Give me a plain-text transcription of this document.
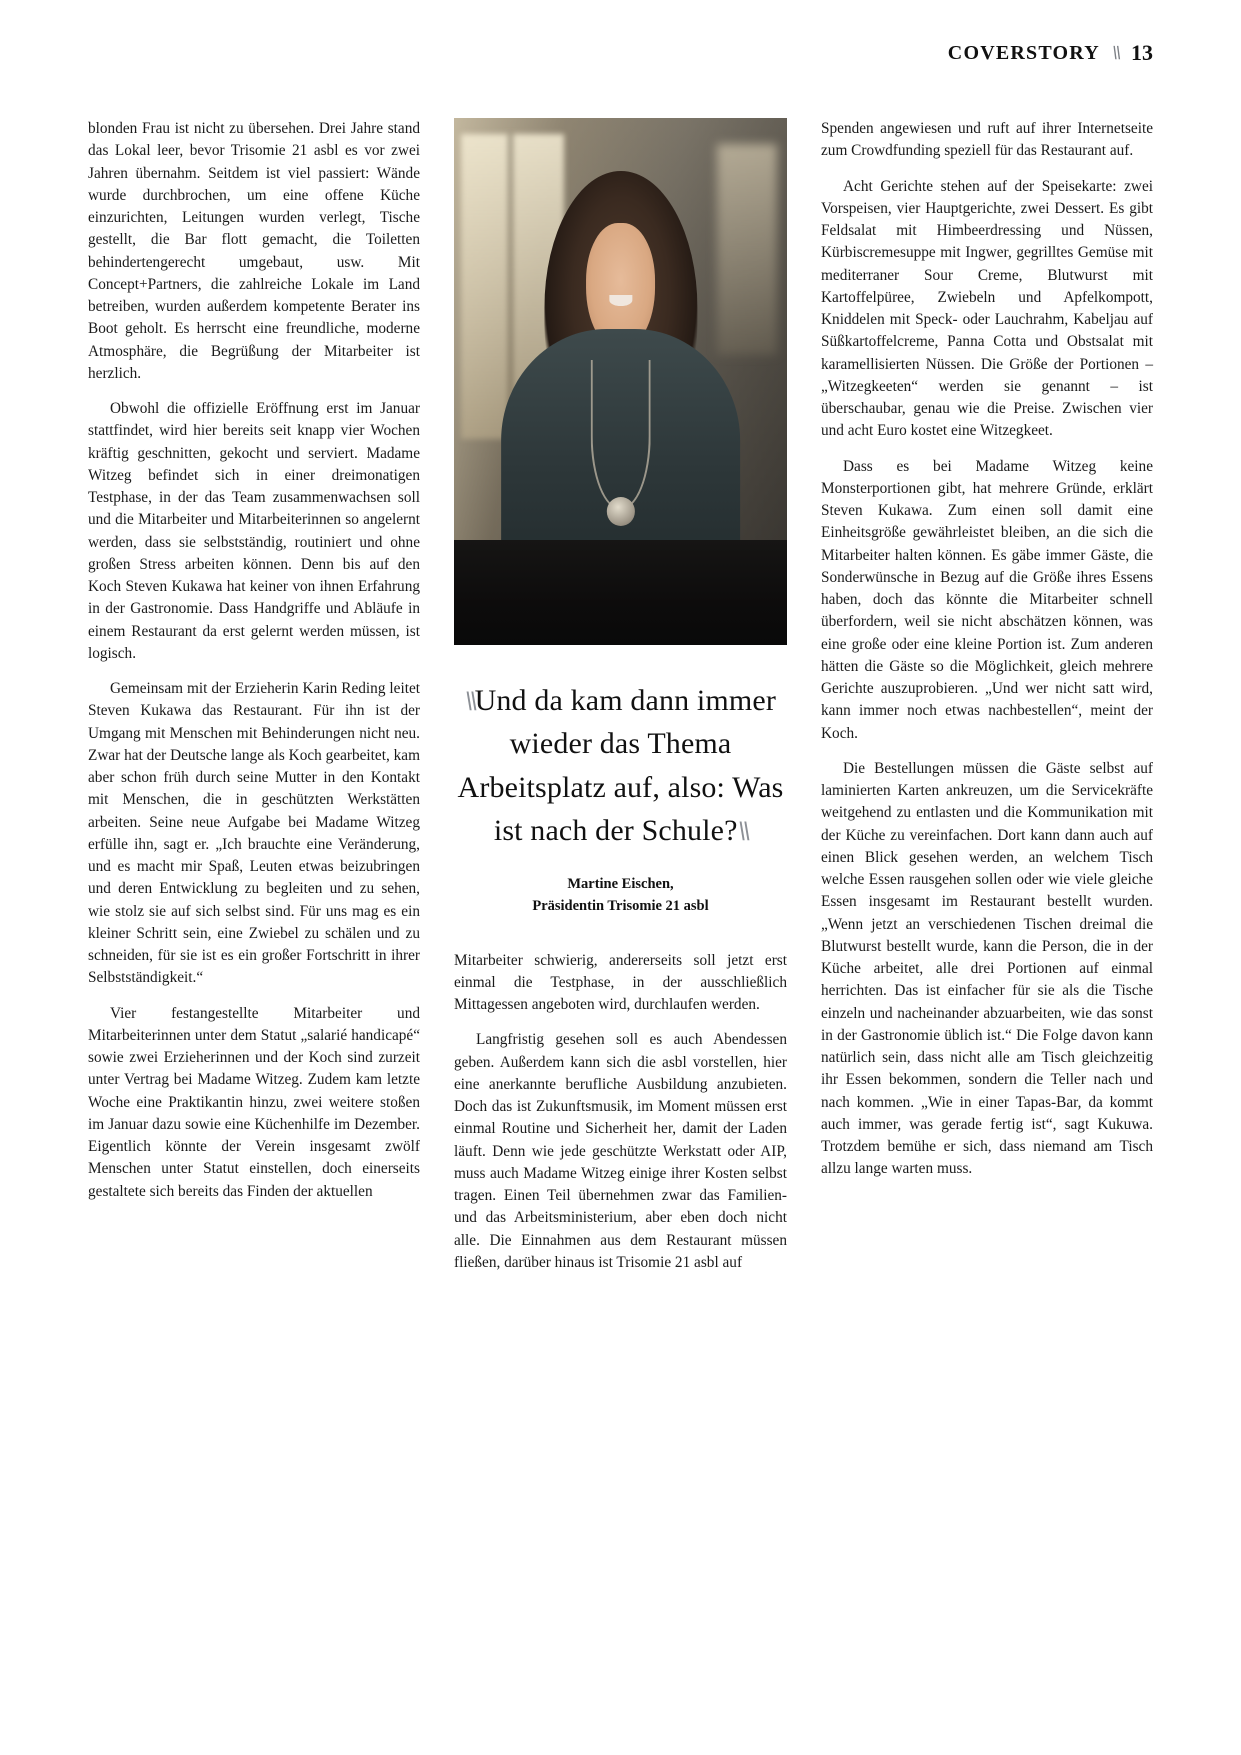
COVERSTORY \\ 13

blonden Frau ist nicht zu übersehen. Drei Jahre stand das Lokal leer, bevor Trisomie 21 asbl es vor zwei Jahren übernahm. Seitdem ist viel passiert: Wände wurde durchbrochen, um eine offene Küche einzurichten, Leitungen wurden verlegt, Tische gestellt, die Bar flott gemacht, die Toiletten behindertengerecht umgebaut, usw. Mit Concept+Partners, die zahlreiche Lokale im Land betreiben, wurden außerdem kompetente Berater ins Boot geholt. Es herrscht eine freundliche, moderne Atmosphäre, die Begrüßung der Mitarbeiter ist herzlich.

Obwohl die offizielle Eröffnung erst im Januar stattfindet, wird hier bereits seit knapp vier Wochen kräftig geschnitten, gekocht und serviert. Madame Witzeg befindet sich in einer dreimonatigen Testphase, in der das Team zusammenwachsen soll und die Mitarbeiter und Mitarbeiterinnen so angelernt werden, dass sie selbstständig, routiniert und ohne großen Stress arbeiten können. Denn bis auf den Koch Steven Kukawa hat keiner von ihnen Erfahrung in der Gastronomie. Dass Handgriffe und Abläufe in einem Restaurant da erst gelernt werden müssen, ist logisch.

Gemeinsam mit der Erzieherin Karin Reding leitet Steven Kukawa das Restaurant. Für ihn ist der Umgang mit Menschen mit Behinderungen nicht neu. Zwar hat der Deutsche lange als Koch gearbeitet, kam aber schon früh durch seine Mutter in den Kontakt mit Menschen, die in geschützten Werkstätten arbeiten. Seine neue Aufgabe bei Madame Witzeg erfülle ihn, sagt er. „Ich brauchte eine Veränderung, und es macht mir Spaß, Leuten etwas beizubringen und deren Entwicklung zu begleiten und zu sehen, wie stolz sie auf sich selbst sind. Für uns mag es ein kleiner Schritt sein, eine Zwiebel zu schälen und zu schneiden, für sie ist es ein großer Fortschritt in ihrer Selbstständigkeit.“

Vier festangestellte Mitarbeiter und Mitarbeiterinnen unter dem Statut „salarié handicapé“ sowie zwei Erzieherinnen und der Koch sind zurzeit unter Vertrag bei Madame Witzeg. Zudem kam letzte Woche eine Praktikantin hinzu, zwei weitere stoßen im Januar dazu sowie eine Küchenhilfe im Dezember. Eigentlich könnte der Verein insgesamt zwölf Menschen unter Statut einstellen, doch einerseits gestaltete sich bereits das Finden der aktuellen

\\Und da kam dann immer wieder das Thema Arbeitsplatz auf, also: Was ist nach der Schule?\\
Martine Eischen,
Präsidentin Trisomie 21 asbl

Mitarbeiter schwierig, andererseits soll jetzt erst einmal die Testphase, in der ausschließlich Mittagessen angeboten wird, durchlaufen werden.

Langfristig gesehen soll es auch Abendessen geben. Außerdem kann sich die asbl vorstellen, hier eine anerkannte berufliche Ausbildung anzubieten. Doch das ist Zukunftsmusik, im Moment müssen erst einmal Routine und Sicherheit her, damit der Laden läuft. Denn wie jede geschützte Werkstatt oder AIP, muss auch Madame Witzeg einige ihrer Kosten selbst tragen. Einen Teil übernehmen zwar das Familien- und das Arbeitsministerium, aber eben doch nicht alle. Die Einnahmen aus dem Restaurant müssen fließen, darüber hinaus ist Trisomie 21 asbl auf

Spenden angewiesen und ruft auf ihrer Internetseite zum Crowdfunding speziell für das Restaurant auf.

Acht Gerichte stehen auf der Speisekarte: zwei Vorspeisen, vier Hauptgerichte, zwei Dessert. Es gibt Feldsalat mit Himbeerdressing und Nüssen, Kürbiscremesuppe mit Ingwer, gegrilltes Gemüse mit mediterraner Sour Creme, Blutwurst mit Kartoffelpüree, Zwiebeln und Apfelkompott, Kniddelen mit Speck- oder Lauchrahm, Kabeljau auf Süßkartoffelcreme, Panna Cotta und Obstsalat mit karamellisierten Nüssen. Die Größe der Portionen – „Witzegkeeten“ werden sie genannt – ist überschaubar, genau wie die Preise. Zwischen vier und acht Euro kostet eine Witzegkeet.

Dass es bei Madame Witzeg keine Monsterportionen gibt, hat mehrere Gründe, erklärt Steven Kukawa. Zum einen soll damit eine Einheitsgröße gewährleistet bleiben, an die sich die Mitarbeiter halten können. Es gäbe immer Gäste, die Sonderwünsche in Bezug auf die Größe ihres Essens haben, doch das könnte die Mitarbeiter schnell überfordern, weil sie nicht abschätzen können, was eine große oder eine kleine Portion ist. Zum anderen hätten die Gäste so die Möglichkeit, gleich mehrere Gerichte auszuprobieren. „Und wer nicht satt wird, kann immer noch etwas nachbestellen“, meint der Koch.

Die Bestellungen müssen die Gäste selbst auf laminierten Karten ankreuzen, um die Servicekräfte weitgehend zu entlasten und die Kommunikation mit der Küche zu vereinfachen. Dort kann dann auch auf einen Blick gesehen werden, an welchem Tisch welche Essen rausgehen sollen oder wie viele gleiche Essen insgesamt im Restaurant bestellt wurden. „Wenn jetzt an verschiedenen Tischen dreimal die Blutwurst bestellt wurde, kann die Person, die in der Küche arbeitet, alle drei Portionen auf einmal herrichten. Das ist einfacher für sie als die Tische einzeln und nacheinander abzuarbeiten, wie das sonst in der Gastronomie üblich ist.“ Die Folge davon kann natürlich sein, dass nicht alle am Tisch gleichzeitig ihr Essen bekommen, sondern die Teller nach und nach kommen. „Wie in einer Tapas-Bar, da kommt auch immer, was gerade fertig ist“, sagt Kukuwa. Trotzdem bemühe er sich, dass niemand am Tisch allzu lange warten muss.
